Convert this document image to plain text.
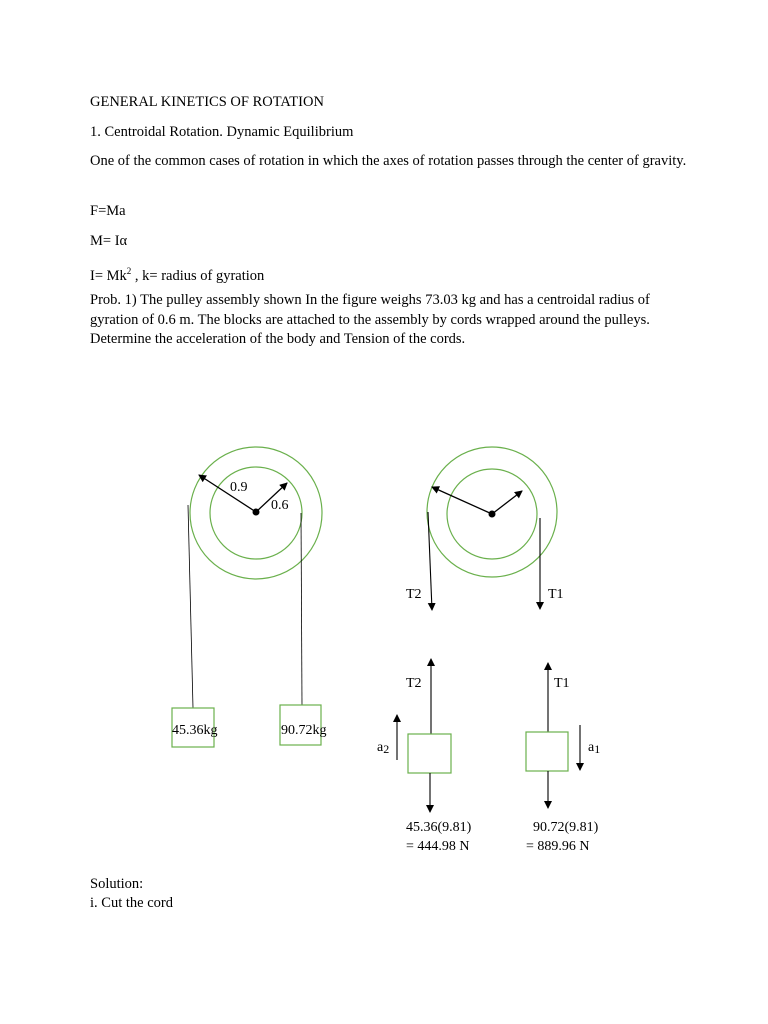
GENERAL KINETICS OF ROTATION
1. Centroidal Rotation. Dynamic Equilibrium
One of the common cases of rotation in which the axes of rotation passes through the center of gravity.
F=Ma
M= Iα
$I= Mk^2$ , k= radius of gyration
Prob. 1) The pulley assembly shown In the figure weighs 73.03 kg and has a centroidal radius of gyration of 0.6 m. The blocks are attached to the assembly by cords wrapped around the pulleys. Determine the acceleration of the body and Tension of the cords.
0.9
0.6
45.36kg	90.72kg
T2	T1
T2
a2
45.36(9.81)
= 444.98 N
T1
a1
90.72(9.81)
= 889.96 N
Solution:
i. Cut the cord
